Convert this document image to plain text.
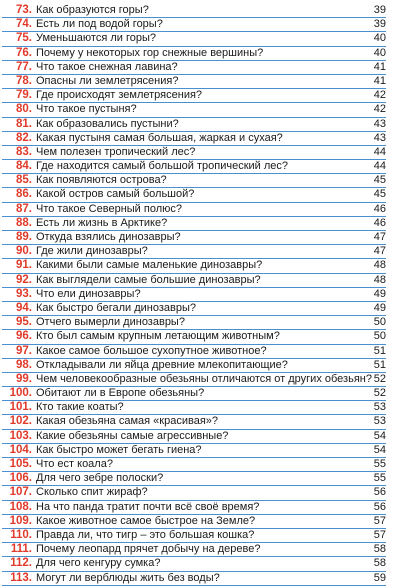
73. Как образуются горы?	39
74. Есть ли под водой горы?	39
75. Уменьшаются ли горы?	40
76. Почему у некоторых гор снежные вершины?	40
77. Что такое снежная лавина?	41
78. Опасны ли землетрясения?	41
79. Где происходят землетрясения?	42
80. Что такое пустыня?	42
81. Как образовались пустыни?	43
82. Какая пустыня самая большая, жаркая и сухая?	43
83. Чем полезен тропический лес?	44
84. Где находится самый большой тропический лес?	44
85. Как появляются острова?	45
86. Какой остров самый большой?	45
87. Что такое Северный полюс?	46
88. Есть ли жизнь в Арктике?	46
89. Откуда взялись динозавры?	47
90. Где жили динозавры?	47
91. Какими были самые маленькие динозавры?	48
92. Как выглядели самые большие динозавры?	48
93. Что ели динозавры?	49
94. Как быстро бегали динозавры?	49
95. Отчего вымерли динозавры?	50
96. Кто был самым крупным летающим животным?	50
97. Какое самое большое сухопутное животное?	51
98. Откладывали ли яйца древние млекопитающие?	51
99. Чем человекообразные обезьяны отличаются от других обезьян? 52
100. Обитают ли в Европе обезьяны?	52
101. Кто такие коаты?	53
102. Какая обезьяна самая «красивая»?	53
103. Какие обезьяны самые агрессивные?	54
104. Как быстро может бегать гиена?	54
105. Что ест коала?	55
106. Для чего зебре полоски?	55
107. Сколько спит жираф?	56
108. На что панда тратит почти всё своё время?	56
109. Какое животное самое быстрое на Земле?	57
110. Правда ли, что тигр – это большая кошка?	57
111. Почему леопард прячет добычу на дереве?	58
112. Для чего кенгуру сумка?	58
113. Могут ли верблюды жить без воды?	59
